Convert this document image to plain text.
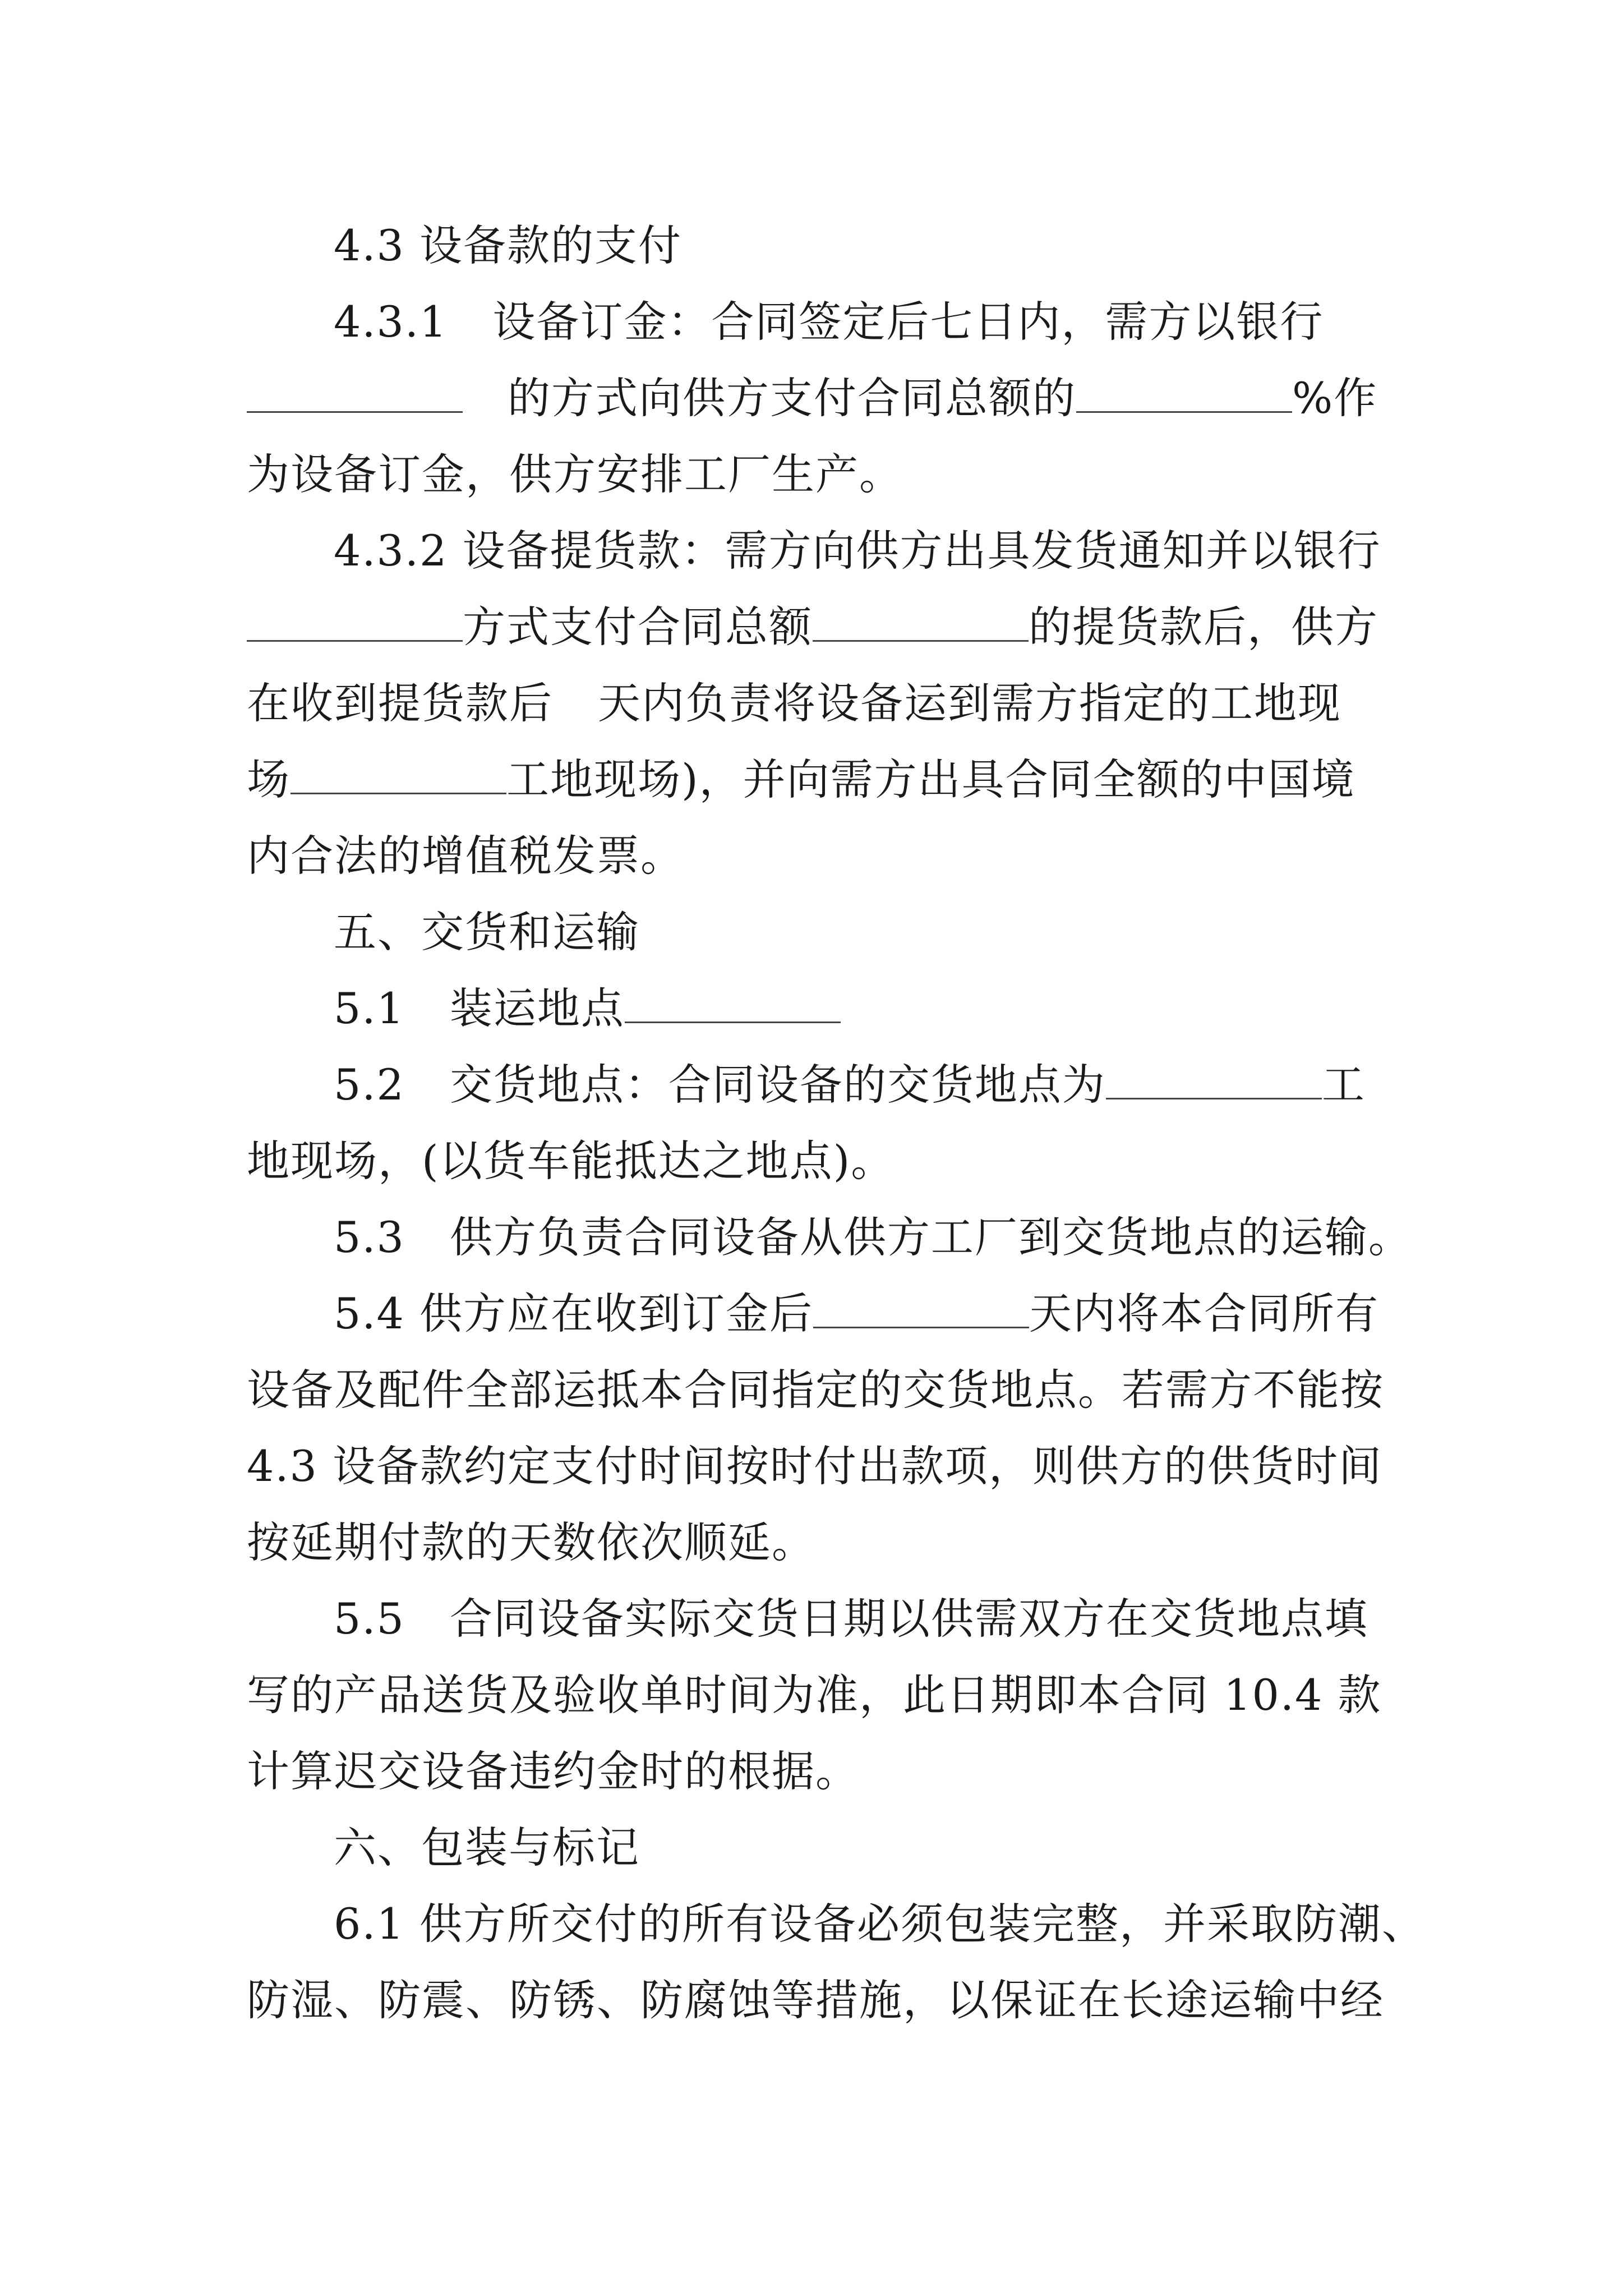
4.3 设备款的支付
4.3.1 设备订金：合同签定后七日内，需方以银行
的方式向供方支付合同总额的	%作
为设备订金，供方安排工厂生产。
4.3.2 设备提货款：需方向供方出具发货通知并以银行
方式支付合同总额	的提货款后，供方
在收到提货款后 天内负责将设备运到需方指定的工地现
场	工地现场)，并向需方出具合同全额的中国境
内合法的增值税发票。
五、交货和运输
5.1 装运地点
5.2 交货地点：合同设备的交货地点为	工
地现场，(以货车能抵达之地点)。
5.3 供方负责合同设备从供方工厂到交货地点的运输。
5.4 供方应在收到订金后	天内将本合同所有
设备及配件全部运抵本合同指定的交货地点。若需方不能按
4.3 设备款约定支付时间按时付出款项，则供方的供货时间
按延期付款的天数依次顺延。
5.5 合同设备实际交货日期以供需双方在交货地点填
写的产品送货及验收单时间为准，此日期即本合同 10.4 款
计算迟交设备违约金时的根据。
六、包装与标记
6.1 供方所交付的所有设备必须包装完整，并采取防潮、
防湿、防震、防锈、防腐蚀等措施，以保证在长途运输中经
